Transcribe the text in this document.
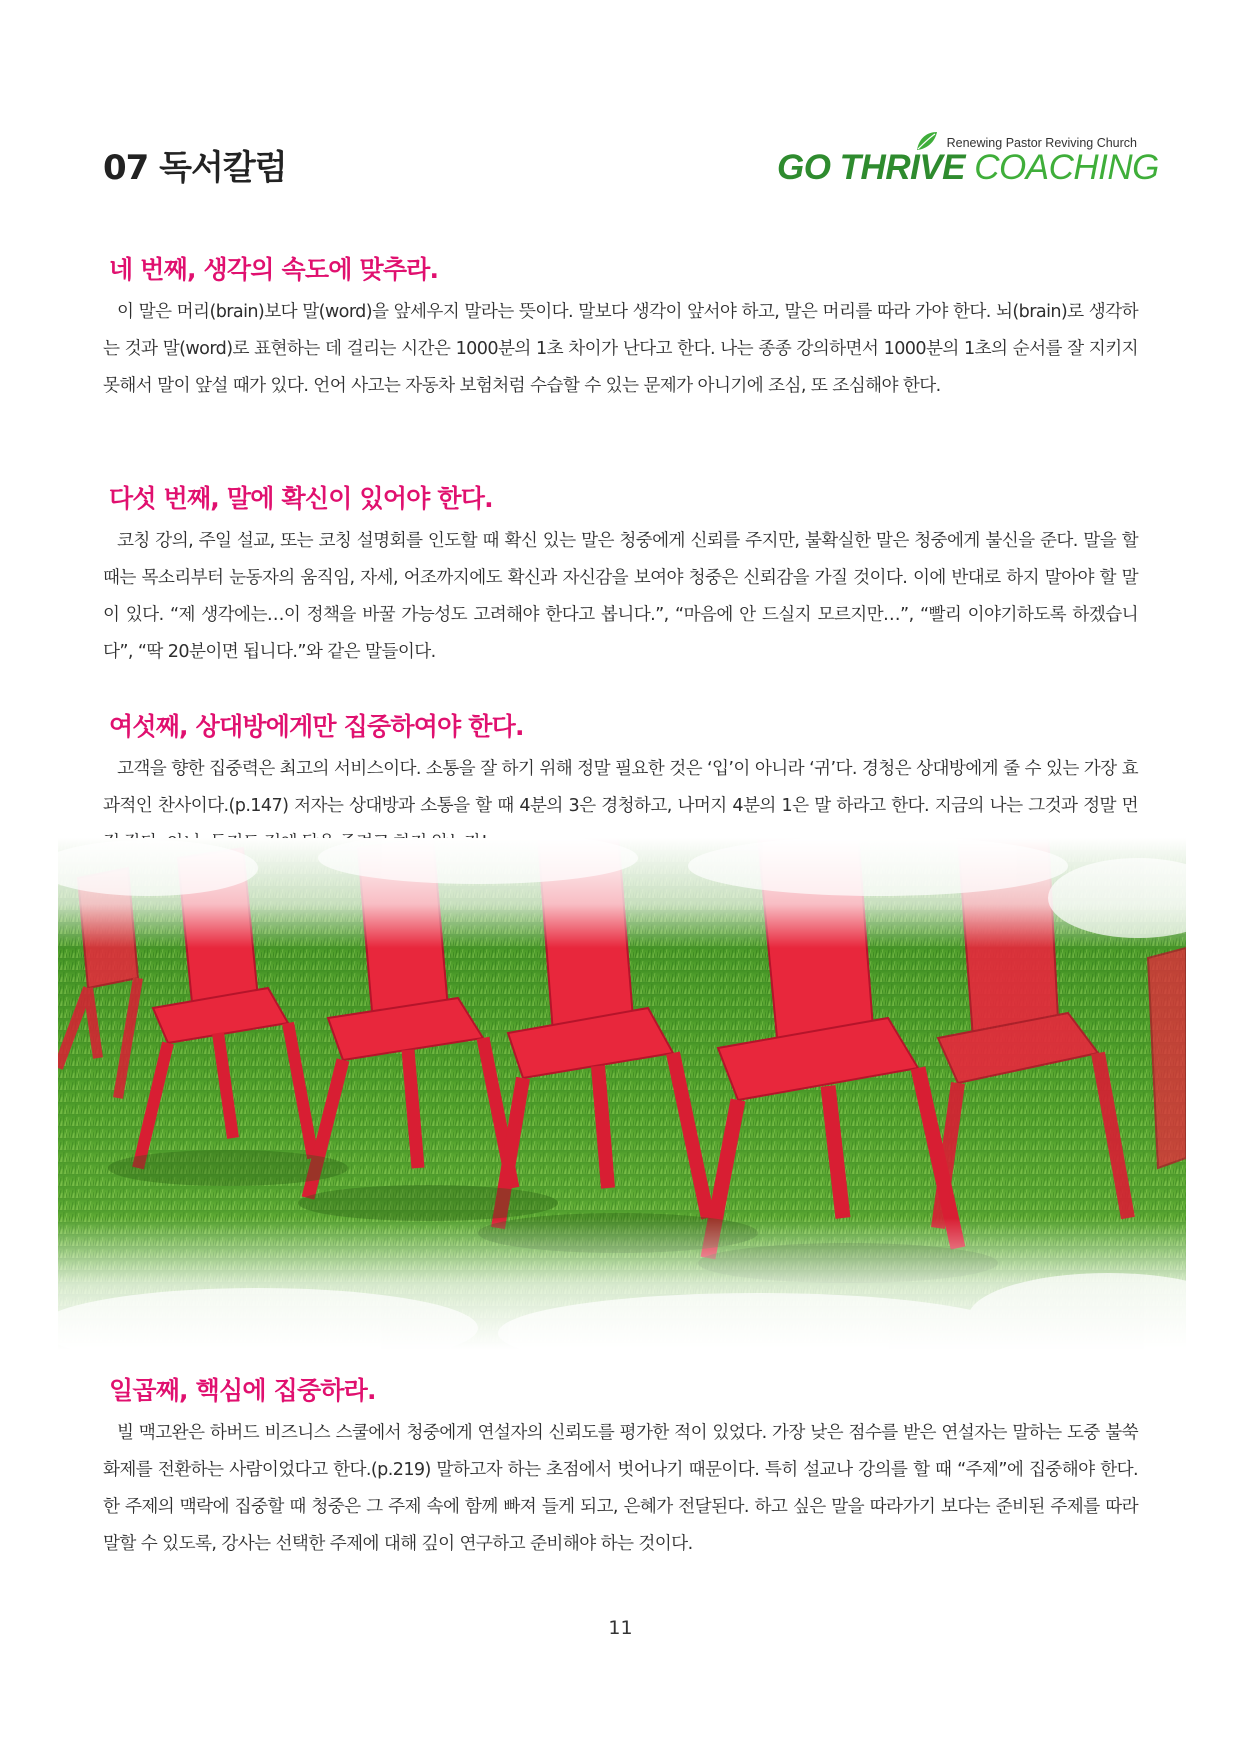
07 독서칼럼
Renewing Pastor Reviving Church
GO THRIVE COACHING
네 번째, 생각의 속도에 맞추라.

이 말은 머리(brain)보다 말(word)을 앞세우지 말라는 뜻이다. 말보다 생각이 앞서야 하고, 말은 머리를 따라 가야 한다. 뇌(brain)로 생각하는 것과 말(word)로 표현하는 데 걸리는 시간은 1000분의 1초 차이가 난다고 한다. 나는 종종 강의하면서 1000분의 1초의 순서를 잘 지키지 못해서 말이 앞설 때가 있다. 언어 사고는 자동차 보험처럼 수습할 수 있는 문제가 아니기에 조심, 또 조심해야 한다.

다섯 번째, 말에 확신이 있어야 한다.

코칭 강의, 주일 설교, 또는 코칭 설명회를 인도할 때 확신 있는 말은 청중에게 신뢰를 주지만, 불확실한 말은 청중에게 불신을 준다. 말을 할 때는 목소리부터 눈동자의 움직임, 자세, 어조까지에도 확신과 자신감을 보여야 청중은 신뢰감을 가질 것이다. 이에 반대로 하지 말아야 할 말이 있다. “제 생각에는…이 정책을 바꿀 가능성도 고려해야 한다고 봅니다.”, “마음에 안 드실지 모르지만…”, “빨리 이야기하도록 하겠습니다”, “딱 20분이면 됩니다.”와 같은 말들이다.

여섯째, 상대방에게만 집중하여야 한다.

고객을 향한 집중력은 최고의 서비스이다. 소통을 잘 하기 위해 정말 필요한 것은 ‘입’이 아니라 ‘귀’다. 경청은 상대방에게 줄 수 있는 가장 효과적인 찬사이다.(p.147) 저자는 상대방과 소통을 할 때 4분의 3은 경청하고, 나머지 4분의 1은 말 하라고 한다. 지금의 나는 그것과 정말 먼

일곱째, 핵심에 집중하라.

빌 맥고완은 하버드 비즈니스 스쿨에서 청중에게 연설자의 신뢰도를 평가한 적이 있었다. 가장 낮은 점수를 받은 연설자는 말하는 도중 불쑥 화제를 전환하는 사람이었다고 한다.(p.219) 말하고자 하는 초점에서 벗어나기 때문이다. 특히 설교나 강의를 할 때 “주제”에 집중해야 한다. 한 주제의 맥락에 집중할 때 청중은 그 주제 속에 함께 빠져 들게 되고, 은혜가 전달된다. 하고 싶은 말을 따라가기 보다는 준비된 주제를 따라 말할 수 있도록, 강사는 선택한 주제에 대해 깊이 연구하고 준비해야 하는 것이다.

11
